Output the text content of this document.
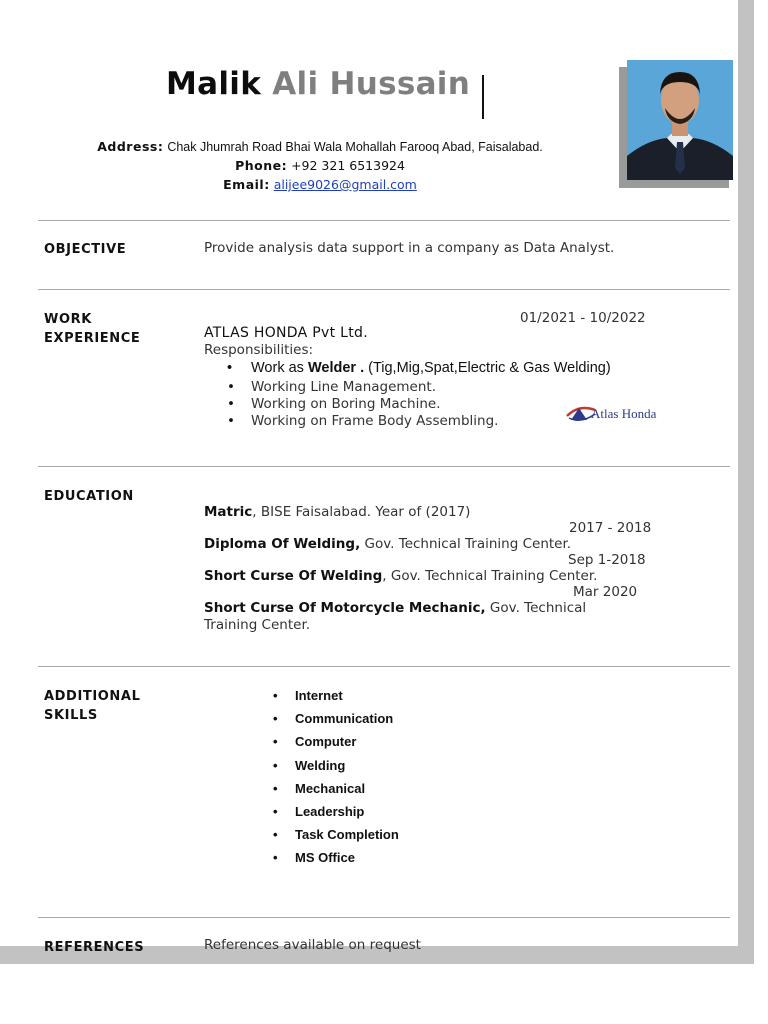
Malik Ali Hussain
Address: Chak Jhumrah Road Bhai Wala Mohallah Farooq Abad, Faisalabad.
Phone: +92 321 6513924
Email: alijee9026@gmail.com
OBJECTIVE	Provide analysis data support in a company as Data Analyst.
WORK
EXPERIENCE
01/2021 - 10/2022
ATLAS HONDA Pvt Ltd.
Responsibilities:
• Work as Welder . (Tig,Mig,Spat,Electric & Gas Welding)
• Working Line Management.
• Working on Boring Machine.
• Working on Frame Body Assembling.	Atlas Honda
EDUCATION
Matric, BISE Faisalabad. Year of (2017)
2017 - 2018
Diploma Of Welding, Gov. Technical Training Center.
Sep 1-2018
Short Curse Of Welding, Gov. Technical Training Center.
Mar 2020
Short Curse Of Motorcycle Mechanic, Gov. Technical
Training Center.
ADDITIONAL
SKILLS
• Internet
• Communication
• Computer
• Welding
• Mechanical
• Leadership
• Task Completion
• MS Office
REFERENCES	References available on request
